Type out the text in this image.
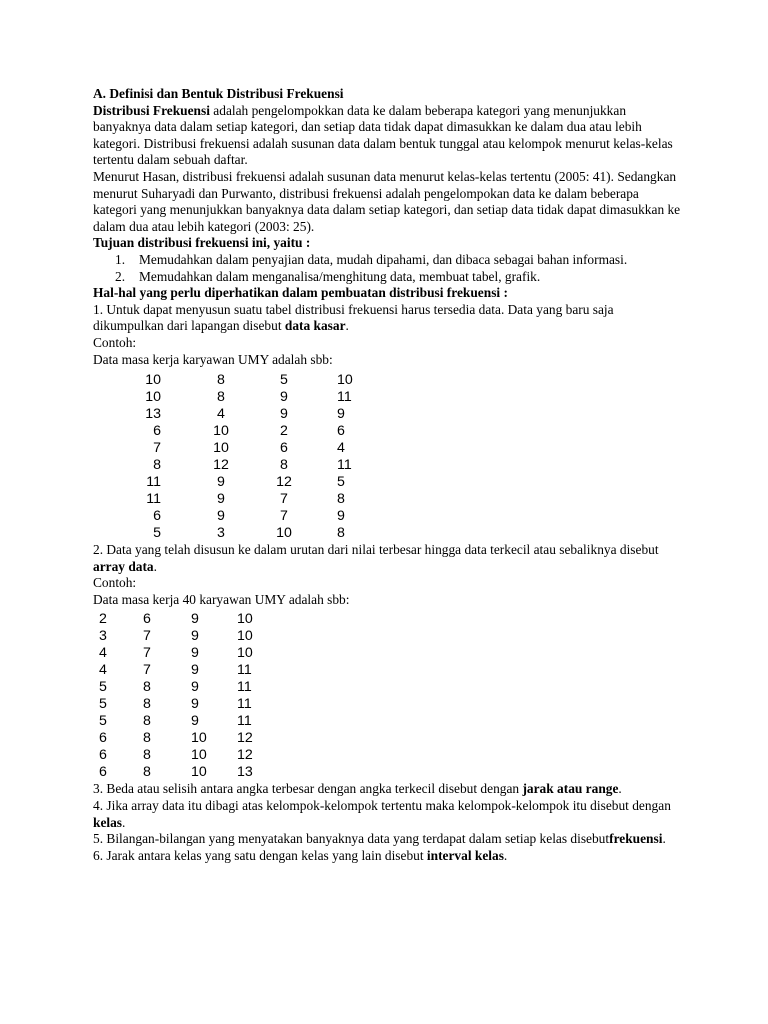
A. Definisi dan Bentuk Distribusi Frekuensi

Distribusi Frekuensi adalah pengelompokkan data ke dalam beberapa kategori yang menunjukkan banyaknya data dalam setiap kategori, dan setiap data tidak dapat dimasukkan ke dalam dua atau lebih kategori. Distribusi frekuensi adalah susunan data dalam bentuk tunggal atau kelompok menurut kelas-kelas tertentu dalam sebuah daftar.

Menurut Hasan, distribusi frekuensi adalah susunan data menurut kelas-kelas tertentu (2005: 41). Sedangkan menurut Suharyadi dan Purwanto, distribusi frekuensi adalah pengelompokan data ke dalam beberapa kategori yang menunjukkan banyaknya data dalam setiap kategori, dan setiap data tidak dapat dimasukkan ke dalam dua atau lebih kategori (2003: 25).

Tujuan distribusi frekuensi ini, yaitu :

1. Memudahkan dalam penyajian data, mudah dipahami, dan dibaca sebagai bahan informasi.
2. Memudahkan dalam menganalisa/menghitung data, membuat tabel, grafik.

Hal-hal yang perlu diperhatikan dalam pembuatan distribusi frekuensi :

1. Untuk dapat menyusun suatu tabel distribusi frekuensi harus tersedia data. Data yang baru saja dikumpulkan dari lapangan disebut data kasar.

Contoh:

Data masa kerja karyawan UMY adalah sbb:

10	8	5	10
10	8	9	11
13	4	9	9
6	10	2	6
7	10	6	4
8	12	8	11
11	9	12	5
11	9	7	8
6	9	7	9
5	3	10	8

2. Data yang telah disusun ke dalam urutan dari nilai terbesar hingga data terkecil atau sebaliknya disebut array data.

Contoh:

Data masa kerja 40 karyawan UMY adalah sbb:

2	6	9	10
3	7	9	10
4	7	9	10
4	7	9	11
5	8	9	11
5	8	9	11
5	8	9	11
6	8	10	12
6	8	10	12
6	8	10	13

3. Beda atau selisih antara angka terbesar dengan angka terkecil disebut dengan jarak atau range.

4. Jika array data itu dibagi atas kelompok-kelompok tertentu maka kelompok-kelompok itu disebut dengan kelas.

5. Bilangan-bilangan yang menyatakan banyaknya data yang terdapat dalam setiap kelas disebutfrekuensi.

6. Jarak antara kelas yang satu dengan kelas yang lain disebut interval kelas.
